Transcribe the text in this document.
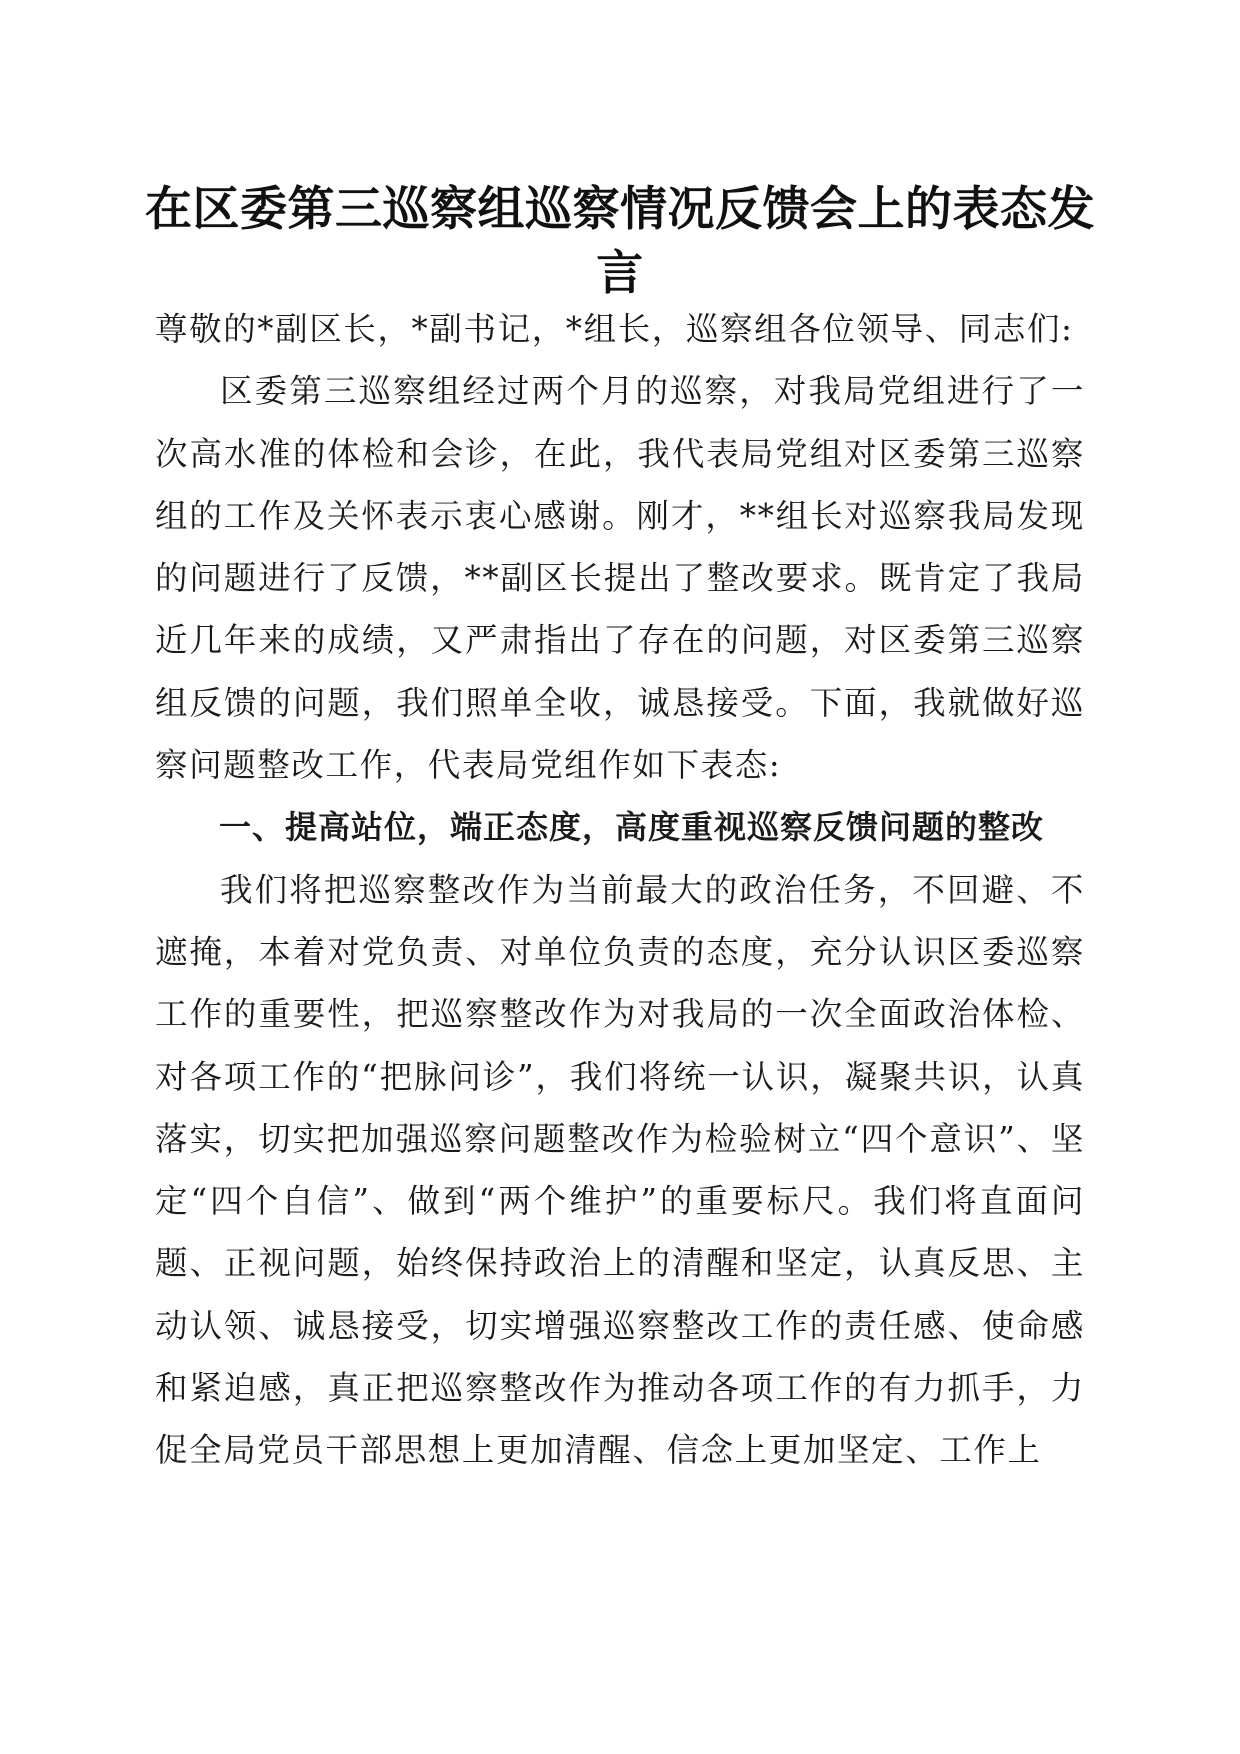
在区委第三巡察组巡察情况反馈会上的表态发言

尊敬的*副区长，*副书记，*组长，巡察组各位领导、同志们:

区委第三巡察组经过两个月的巡察，对我局党组进行了一次高水准的体检和会诊，在此，我代表局党组对区委第三巡察组的工作及关怀表示衷心感谢。刚才，**组长对巡察我局发现的问题进行了反馈，**副区长提出了整改要求。既肯定了我局近几年来的成绩，又严肃指出了存在的问题，对区委第三巡察组反馈的问题，我们照单全收，诚恳接受。下面，我就做好巡察问题整改工作，代表局党组作如下表态:

一、提高站位，端正态度，高度重视巡察反馈问题的整改

我们将把巡察整改作为当前最大的政治任务，不回避、不遮掩，本着对党负责、对单位负责的态度，充分认识区委巡察工作的重要性，把巡察整改作为对我局的一次全面政治体检、对各项工作的“把脉问诊”，我们将统一认识，凝聚共识，认真落实，切实把加强巡察问题整改作为检验树立“四个意识”、坚定“四个自信”、做到“两个维护”的重要标尺。我们将直面问题、正视问题，始终保持政治上的清醒和坚定，认真反思、主动认领、诚恳接受，切实增强巡察整改工作的责任感、使命感和紧迫感，真正把巡察整改作为推动各项工作的有力抓手，力促全局党员干部思想上更加清醒、信念上更加坚定、工作上
